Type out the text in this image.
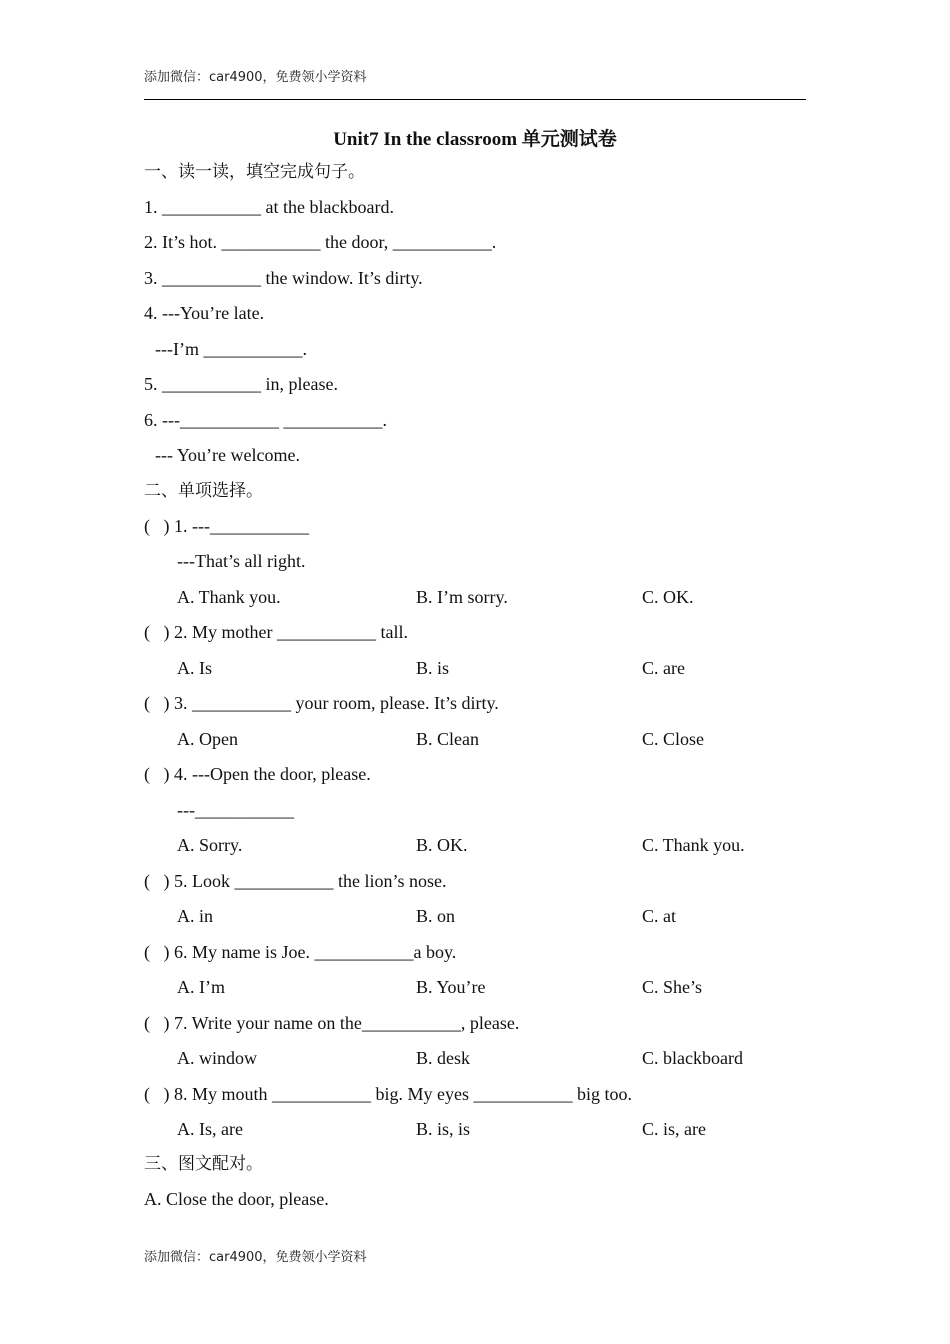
添加微信：car4900，免费领小学资料
Unit7 In the classroom 单元测试卷
一、读一读，填空完成句子。
1. ___________ at the blackboard.
2. It’s hot. ___________ the door, ___________.
3. ___________ the window. It’s dirty.
4. ---You’re late.
---I’m ___________.
5. ___________ in, please.
6. ---___________ ___________.
--- You’re welcome.
二、单项选择。
(   ) 1. ---___________
---That’s all right.
A. Thank you.	B. I’m sorry.	C. OK.
(   ) 2. My mother ___________ tall.
A. Is	B. is	C. are
(   ) 3. ___________ your room, please. It’s dirty.
A. Open	B. Clean	C. Close
(   ) 4. ---Open the door, please.
---___________
A. Sorry.	B. OK.	C. Thank you.
(   ) 5. Look ___________ the lion’s nose.
A. in	B. on	C. at
(   ) 6. My name is Joe. ___________a boy.
A. I’m	B. You’re	C. She’s
(   ) 7. Write your name on the___________, please.
A. window	B. desk	C. blackboard
(   ) 8. My mouth ___________ big. My eyes ___________ big too.
A. Is, are	B. is, is	C. is, are
三、图文配对。
A. Close the door, please.
添加微信：car4900，免费领小学资料
